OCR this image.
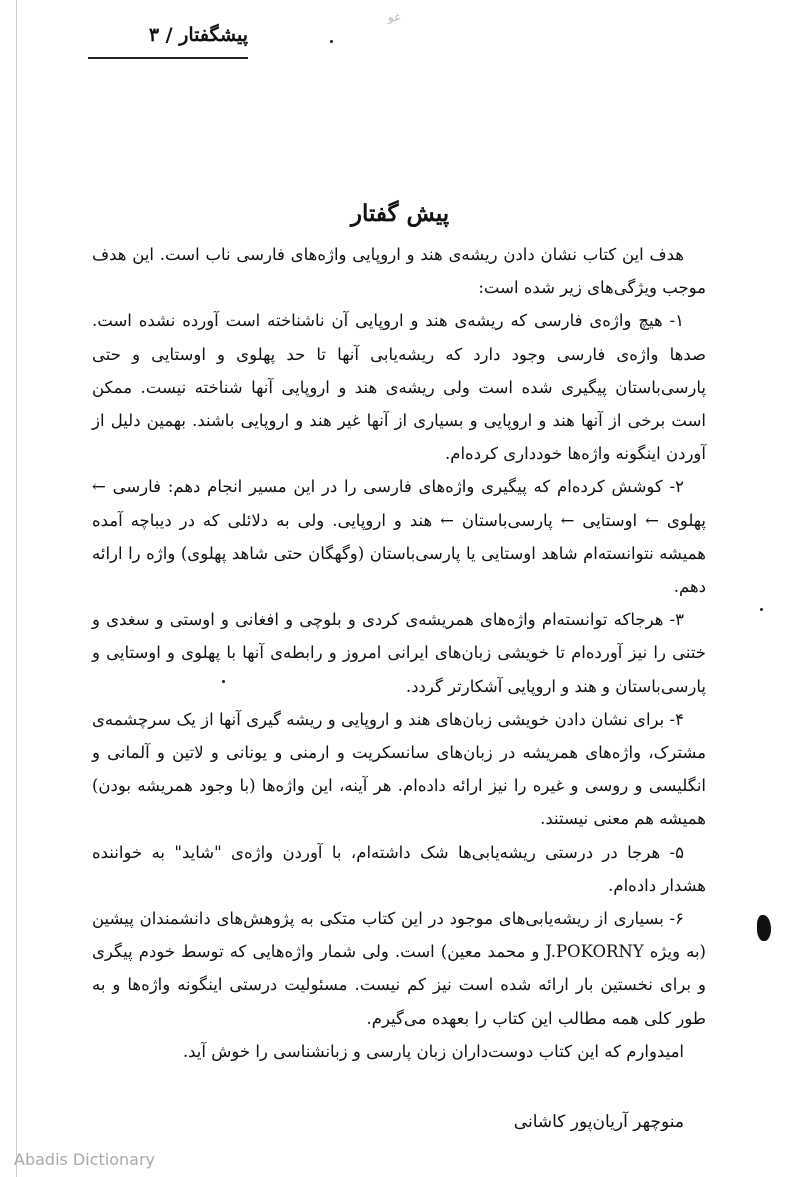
غو
پیشگفتار / ۳
پیش گفتار

هدف این کتاب نشان دادن ریشه‌ی هند و اروپایی واژه‌های فارسی ناب است. این هدف موجب ویژگی‌های زیر شده است:

۱- هیچ واژه‌ی فارسی که ریشه‌ی هند و اروپایی آن ناشناخته است آورده نشده است. صدها واژه‌ی فارسی وجود دارد که ریشه‌یابی آنها تا حد پهلوی و اوستایی و حتی پارسی‌باستان پیگیری شده است ولی ریشه‌ی هند و اروپایی آنها شناخته نیست. ممکن است برخی از آنها هند و اروپایی و بسیاری از آنها غیر هند و اروپایی باشند. بهمین دلیل از آوردن اینگونه واژه‌ها خودداری کرده‌ام.

۲- کوشش کرده‌ام که پیگیری واژه‌های فارسی را در این مسیر انجام دهم: فارسی ← پهلوی ← اوستایی ← پارسی‌باستان ← هند و اروپایی. ولی به دلائلی که در دیباچه آمده همیشه نتوانسته‌ام شاهد اوستایی یا پارسی‌باستان (وگهگان حتی شاهد پهلوی) واژه را ارائه دهم.

۳- هرجاکه توانسته‌ام واژه‌های همریشه‌ی کردی و بلوچی و افغانی و اوستی و سغدی و ختنی را نیز آورده‌ام تا خویشی زبان‌های ایرانی امروز و رابطه‌ی آنها با پهلوی و اوستایی و پارسی‌باستان و هند و اروپایی آشکارتر گردد.

۴- برای نشان دادن خویشی زبان‌های هند و اروپایی و ریشه گیری آنها از یک سرچشمه‌ی مشترک، واژه‌های همریشه در زبان‌های سانسکریت و ارمنی و یونانی و لاتین و آلمانی و انگلیسی و روسی و غیره را نیز ارائه داده‌ام. هر آینه، این واژه‌ها (با وجود همریشه بودن) همیشه هم معنی نیستند.

۵- هرجا در درستی ریشه‌یابی‌ها شک داشته‌ام، با آوردن واژه‌ی "شاید" به خواننده هشدار داده‌ام.

۶- بسیاری از ریشه‌یابی‌های موجود در این کتاب متکی به پژوهش‌های دانشمندان پیشین (به ویژه J.POKORNY و محمد معین) است. ولی شمار واژه‌هایی که توسط خودم پیگری و برای نخستین بار ارائه شده است نیز کم نیست. مسئولیت درستی اینگونه واژه‌ها و به طور کلی همه مطالب این کتاب را بعهده می‌گیرم.

امیدوارم که این کتاب دوست‌داران زبان پارسی و زبانشناسی را خوش آید.

منوچهر آریان‌پور کاشانی
Abadis Dictionary
